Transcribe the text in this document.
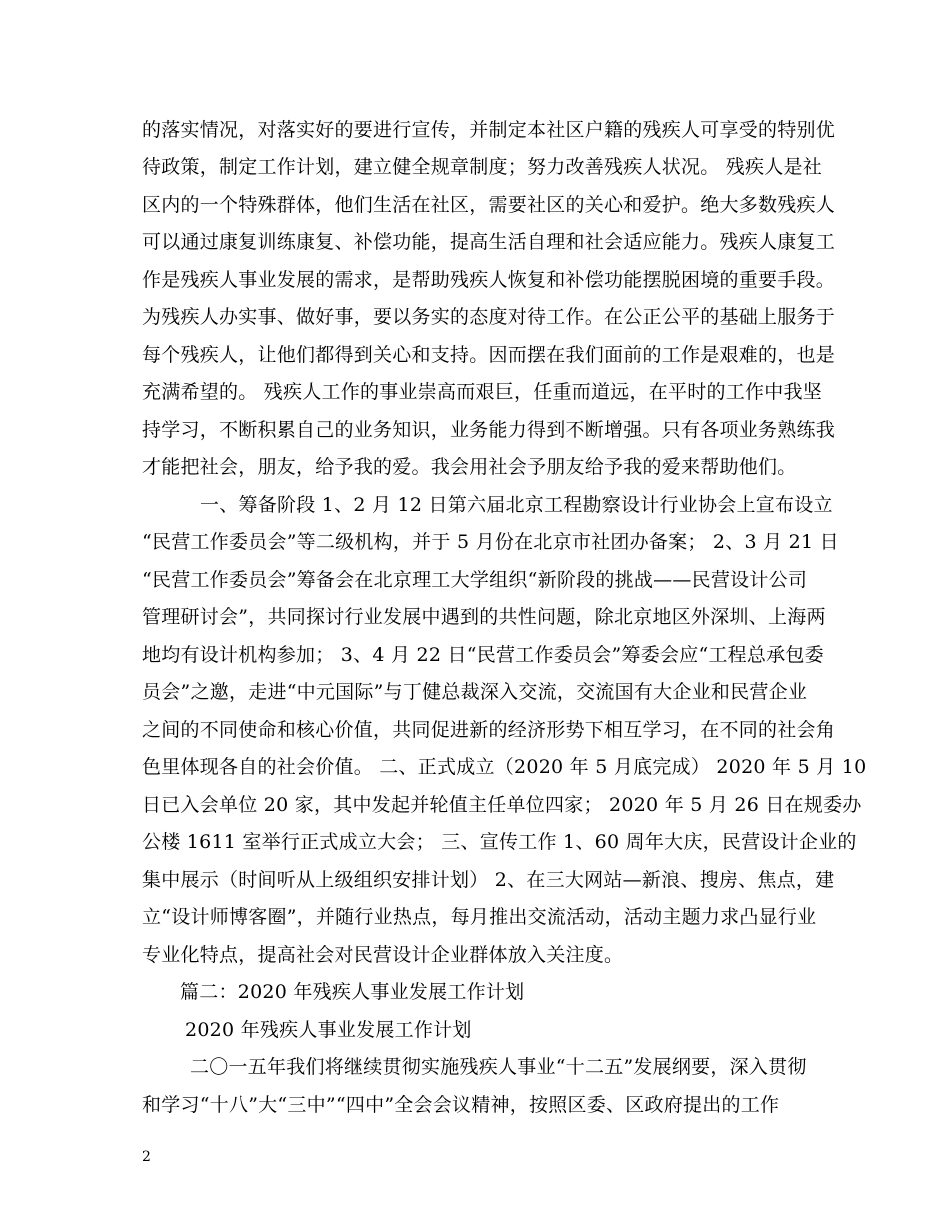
的落实情况，对落实好的要进行宣传，并制定本社区户籍的残疾人可享受的特别优
待政策，制定工作计划，建立健全规章制度；努力改善残疾人状况。 残疾人是社
区内的一个特殊群体，他们生活在社区，需要社区的关心和爱护。绝大多数残疾人
可以通过康复训练康复、补偿功能，提高生活自理和社会适应能力。残疾人康复工
作是残疾人事业发展的需求，是帮助残疾人恢复和补偿功能摆脱困境的重要手段。
为残疾人办实事、做好事，要以务实的态度对待工作。在公正公平的基础上服务于
每个残疾人，让他们都得到关心和支持。因而摆在我们面前的工作是艰难的，也是
充满希望的。 残疾人工作的事业崇高而艰巨，任重而道远，在平时的工作中我坚
持学习，不断积累自己的业务知识，业务能力得到不断增强。只有各项业务熟练我
才能把社会，朋友，给予我的爱。我会用社会予朋友给予我的爱来帮助他们。
一、筹备阶段 1、2 月 12 日第六届北京工程勘察设计行业协会上宣布设立
“民营工作委员会”等二级机构，并于 5 月份在北京市社团办备案； 2、3 月 21 日
“民营工作委员会”筹备会在北京理工大学组织“新阶段的挑战——民营设计公司
管理研讨会”，共同探讨行业发展中遇到的共性问题，除北京地区外深圳、上海两
地均有设计机构参加； 3、4 月 22 日“民营工作委员会”筹委会应“工程总承包委
员会”之邀，走进“中元国际”与丁健总裁深入交流，交流国有大企业和民营企业
之间的不同使命和核心价值，共同促进新的经济形势下相互学习，在不同的社会角
色里体现各自的社会价值。 二、正式成立（2020 年 5 月底完成） 2020 年 5 月 10
日已入会单位 20 家，其中发起并轮值主任单位四家； 2020 年 5 月 26 日在规委办
公楼 1611 室举行正式成立大会； 三、宣传工作 1、60 周年大庆，民营设计企业的
集中展示（时间听从上级组织安排计划） 2、在三大网站—新浪、搜房、焦点，建
立“设计师博客圈”，并随行业热点，每月推出交流活动，活动主题力求凸显行业
专业化特点，提高社会对民营设计企业群体放入关注度。
篇二：2020 年残疾人事业发展工作计划
2020 年残疾人事业发展工作计划
二〇一五年我们将继续贯彻实施残疾人事业“十二五”发展纲要，深入贯彻
和学习“十八”大“三中”“四中”全会会议精神，按照区委、区政府提出的工作
2
